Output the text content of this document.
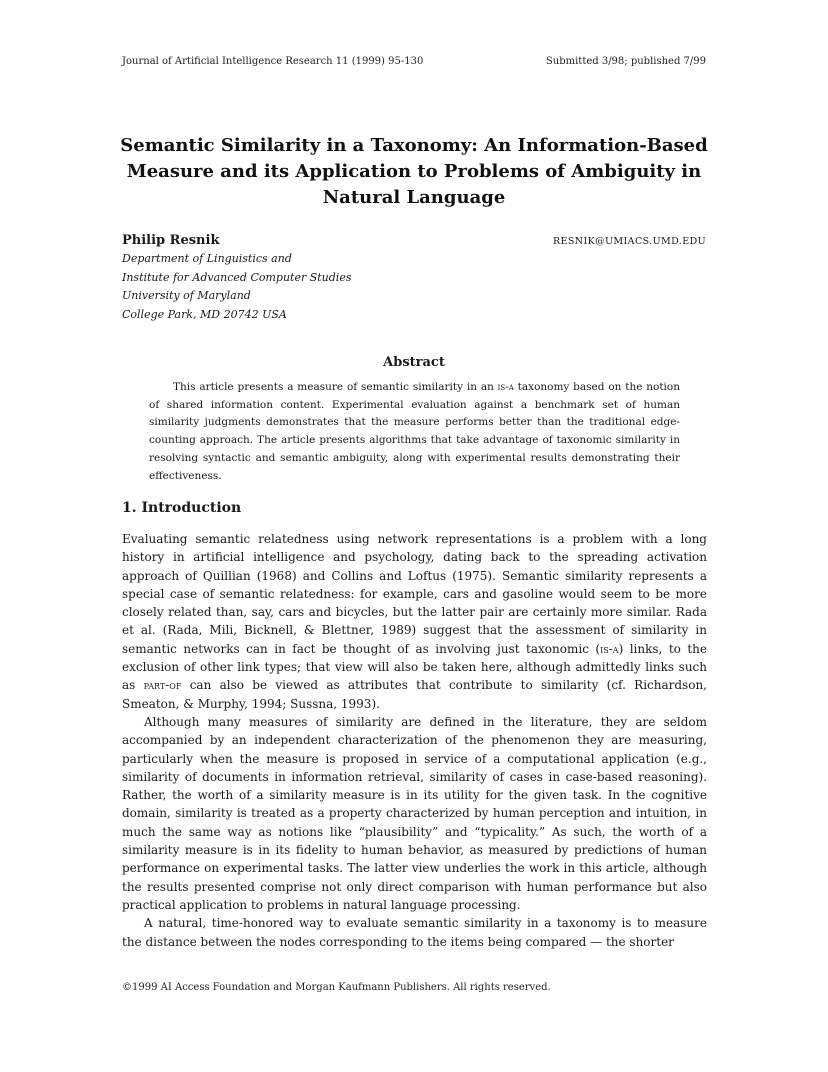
Journal of Artificial Intelligence Research 11 (1999) 95-130	Submitted 3/98; published 7/99
Semantic Similarity in a Taxonomy: An Information-Based
Measure and its Application to Problems of Ambiguity in
Natural Language
Philip Resnik	RESNIK@UMIACS.UMD.EDU
Department of Linguistics and
Institute for Advanced Computer Studies
University of Maryland
College Park, MD 20742 USA
Abstract
This article presents a measure of semantic similarity in an is-a taxonomy based on the notion of shared information content. Experimental evaluation against a benchmark set of human similarity judgments demonstrates that the measure performs better than the traditional edge-counting approach. The article presents algorithms that take advantage of taxonomic similarity in resolving syntactic and semantic ambiguity, along with experimental results demonstrating their effectiveness.
1. Introduction

Evaluating semantic relatedness using network representations is a problem with a long history in artificial intelligence and psychology, dating back to the spreading activation approach of Quillian (1968) and Collins and Loftus (1975). Semantic similarity represents a special case of semantic relatedness: for example, cars and gasoline would seem to be more closely related than, say, cars and bicycles, but the latter pair are certainly more similar. Rada et al. (Rada, Mili, Bicknell, & Blettner, 1989) suggest that the assessment of similarity in semantic networks can in fact be thought of as involving just taxonomic (is-a) links, to the exclusion of other link types; that view will also be taken here, although admittedly links such as part-of can also be viewed as attributes that contribute to similarity (cf. Richardson, Smeaton, & Murphy, 1994; Sussna, 1993).

Although many measures of similarity are defined in the literature, they are seldom accompanied by an independent characterization of the phenomenon they are measuring, particularly when the measure is proposed in service of a computational application (e.g., similarity of documents in information retrieval, similarity of cases in case-based reasoning). Rather, the worth of a similarity measure is in its utility for the given task. In the cognitive domain, similarity is treated as a property characterized by human perception and intuition, in much the same way as notions like “plausibility” and “typicality.” As such, the worth of a similarity measure is in its fidelity to human behavior, as measured by predictions of human performance on experimental tasks. The latter view underlies the work in this article, although the results presented comprise not only direct comparison with human performance but also practical application to problems in natural language processing.

A natural, time-honored way to evaluate semantic similarity in a taxonomy is to measure the distance between the nodes corresponding to the items being compared — the shorter

©1999 AI Access Foundation and Morgan Kaufmann Publishers. All rights reserved.
